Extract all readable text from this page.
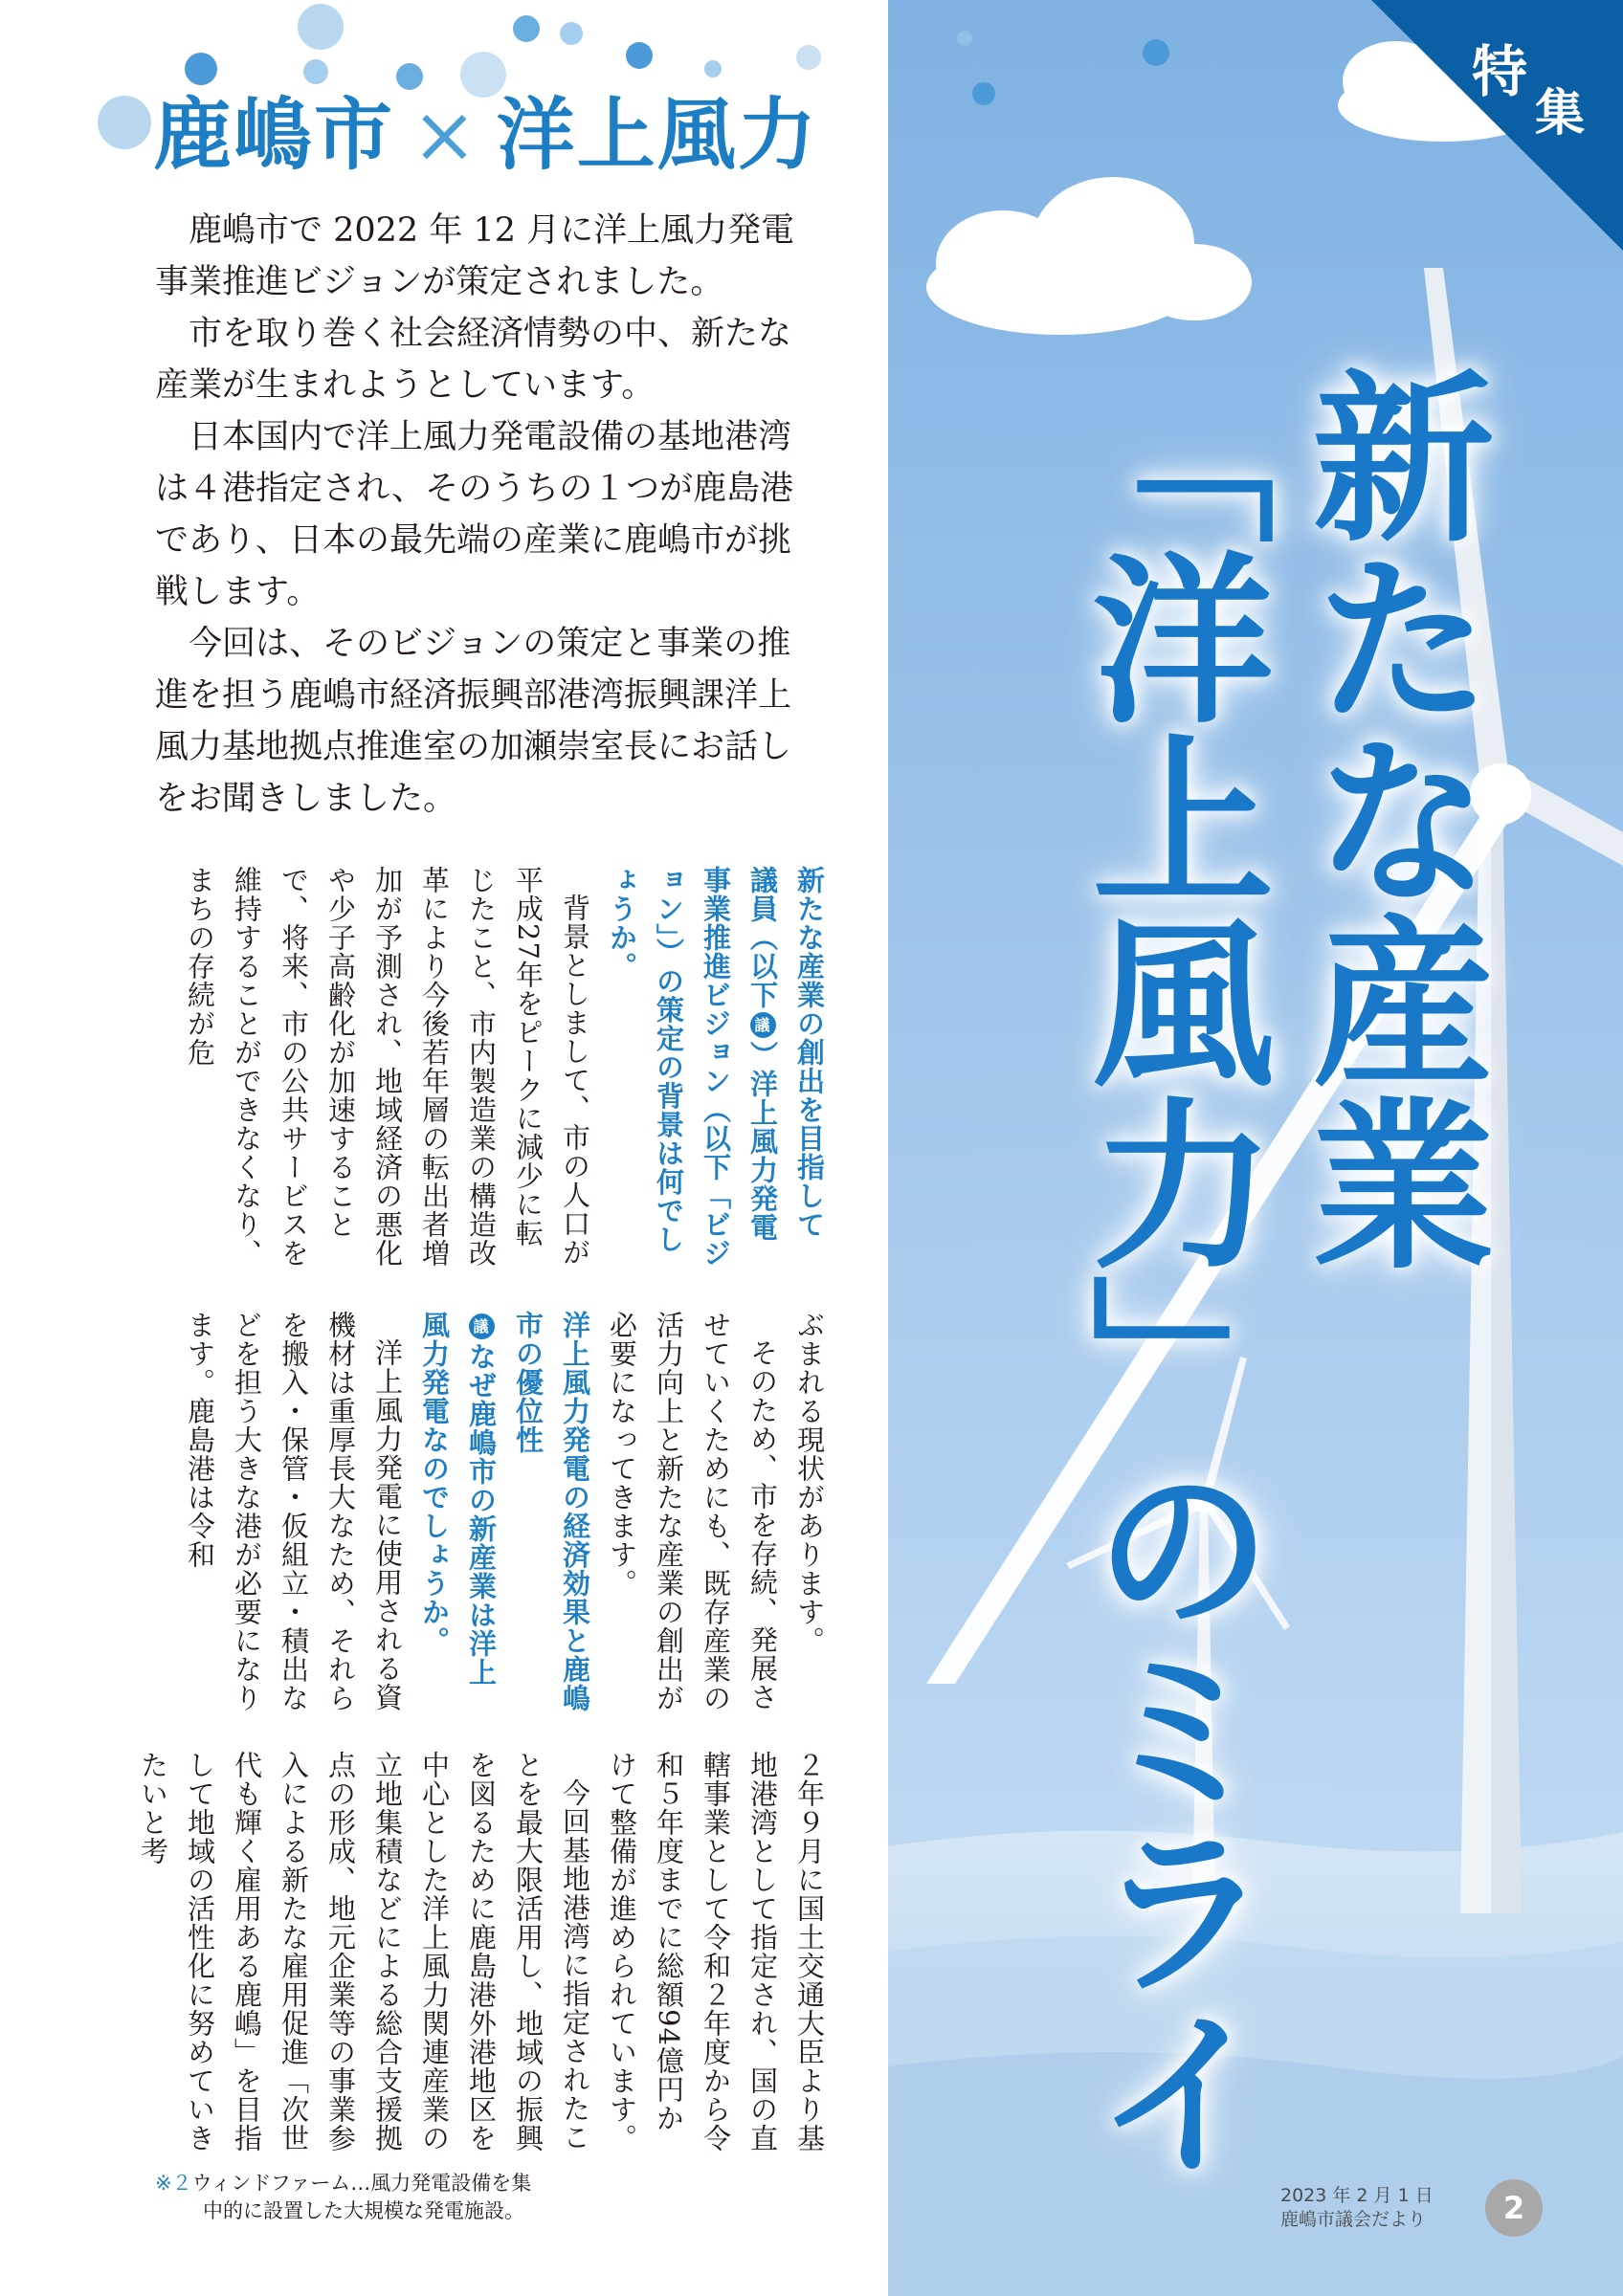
鹿嶋市 × 洋上風力

鹿嶋市で 2022 年 12 月に洋上風力発電事業推進ビジョンが策定されました。

市を取り巻く社会経済情勢の中、新たな産業が生まれようとしています。

日本国内で洋上風力発電設備の基地港湾は４港指定され、そのうちの１つが鹿島港であり、日本の最先端の産業に鹿嶋市が挑戦します。

今回は、そのビジョンの策定と事業の推進を担う鹿嶋市経済振興部港湾振興課洋上風力基地拠点推進室の加瀬崇室長にお話しをお聞きしました。

新たな産業の創出を目指して

議員（以下議）洋上風力発電事業推進ビジョン（以下「ビジョン」）の策定の背景は何でしょうか。

背景としまして、市の人口が平成27年をピークに減少に転じたこと、市内製造業の構造改革により今後若年層の転出者増加が予測され、地域経済の悪化や少子高齢化が加速することで、将来、市の公共サービスを維持することができなくなり、まちの存続が危

ぶまれる現状があります。

そのため、市を存続、発展させていくためにも、既存産業の活力向上と新たな産業の創出が必要になってきます。

洋上風力発電の経済効果と鹿嶋市の優位性

議なぜ鹿嶋市の新産業は洋上風力発電なのでしょうか。

洋上風力発電に使用される資機材は重厚長大なため、それらを搬入・保管・仮組立・積出などを担う大きな港が必要になります。鹿島港は令和

２年９月に国土交通大臣より基地港湾として指定され、国の直轄事業として令和２年度から令和５年度までに総額94億円かけて整備が進められています。

今回基地港湾に指定されたことを最大限活用し、地域の振興を図るために鹿島港外港地区を中心とした洋上風力関連産業の立地集積などによる総合支援拠点の形成、地元企業等の事業参入による新たな雇用促進「次世代も輝く雇用ある鹿嶋」を目指して地域の活性化に努めていきたいと考

※２ウィンドファーム…風力発電設備を集
中的に設置した大規模な発電施設。
特
集
新たな産業
「洋上風力」のミライ
2023 年 2 月 1 日
鹿嶋市議会だより	2
